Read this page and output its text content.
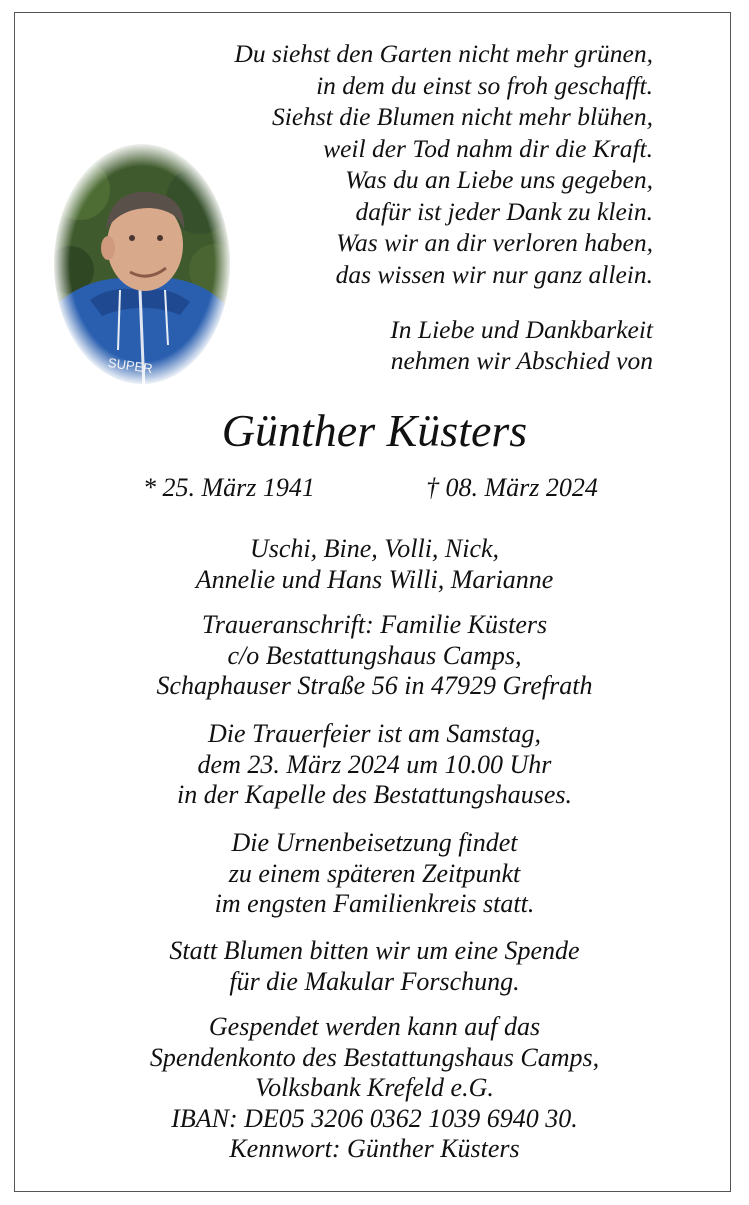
Du siehst den Garten nicht mehr grünen,
in dem du einst so froh geschafft.
Siehst die Blumen nicht mehr blühen,
weil der Tod nahm dir die Kraft.
Was du an Liebe uns gegeben,
dafür ist jeder Dank zu klein.
Was wir an dir verloren haben,
das wissen wir nur ganz allein.
In Liebe und Dankbarkeit
nehmen wir Abschied von
Günther Küsters
* 25. März 1941	† 08. März 2024
Uschi, Bine, Volli, Nick,
Annelie und Hans Willi, Marianne
Traueranschrift: Familie Küsters
c/o Bestattungshaus Camps,
Schaphauser Straße 56 in 47929 Grefrath
Die Trauerfeier ist am Samstag,
dem 23. März 2024 um 10.00 Uhr
in der Kapelle des Bestattungshauses.
Die Urnenbeisetzung findet
zu einem späteren Zeitpunkt
im engsten Familienkreis statt.
Statt Blumen bitten wir um eine Spende
für die Makular Forschung.
Gespendet werden kann auf das
Spendenkonto des Bestattungshaus Camps,
Volksbank Krefeld e.G.
IBAN: DE05 3206 0362 1039 6940 30.
Kennwort: Günther Küsters
